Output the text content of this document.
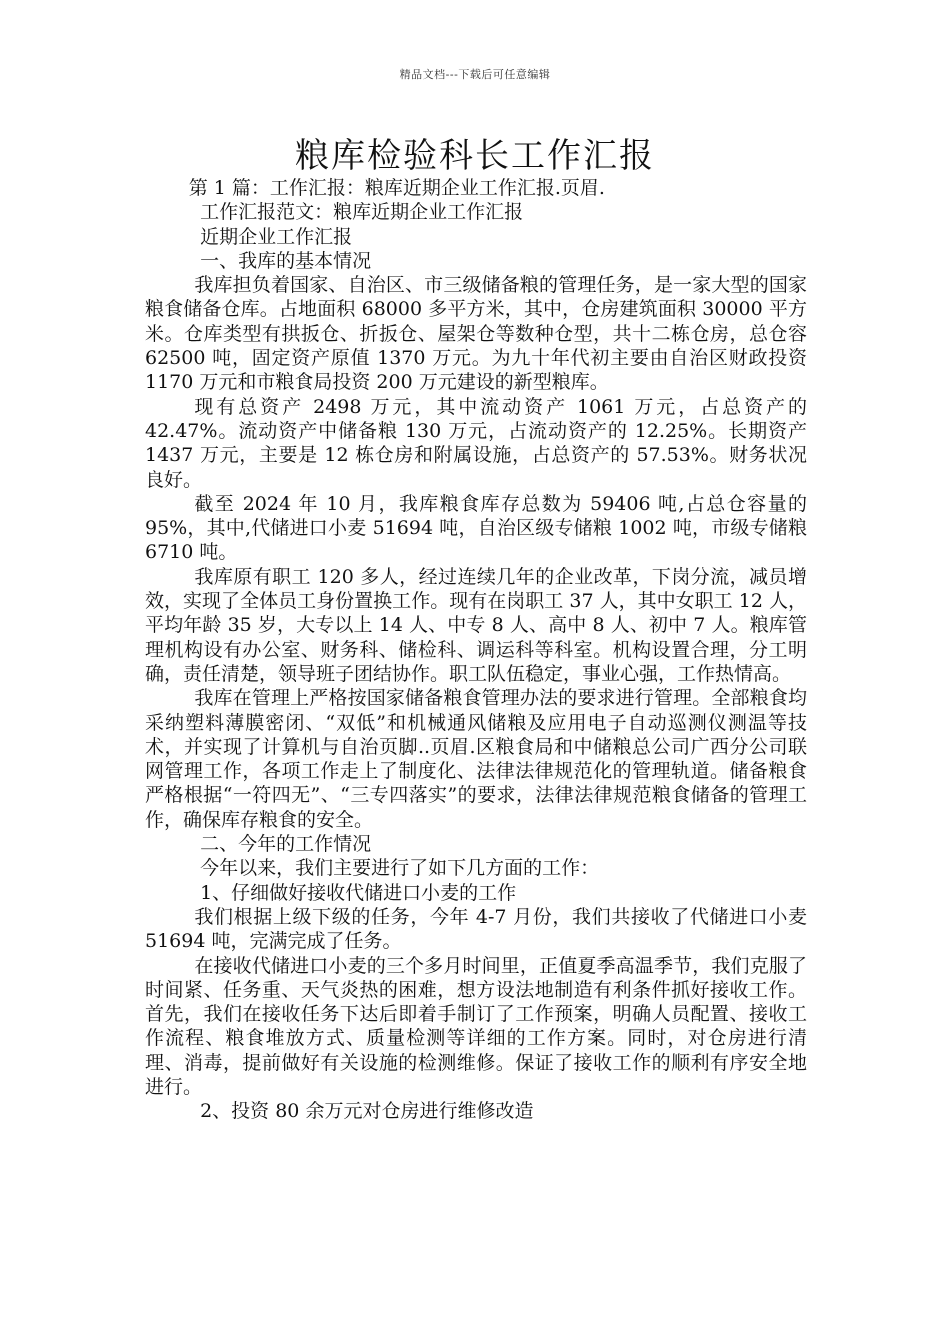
精品文档---下载后可任意编辑
粮库检验科长工作汇报

第 1 篇：工作汇报：粮库近期企业工作汇报.页眉.

工作汇报范文：粮库近期企业工作汇报

近期企业工作汇报

一、我库的基本情况

我库担负着国家、自治区、市三级储备粮的管理任务，是一家大型的国家粮食储备仓库。占地面积 68000 多平方米，其中，仓房建筑面积 30000 平方米。仓库类型有拱扳仓、折扳仓、屋架仓等数种仓型，共十二栋仓房，总仓容 62500 吨，固定资产原值 1370 万元。为九十年代初主要由自治区财政投资 1170 万元和市粮食局投资 200 万元建设的新型粮库。

现有总资产 2498 万元，其中流动资产 1061 万元，占总资产的 42.47%。流动资产中储备粮 130 万元，占流动资产的 12.25%。长期资产 1437 万元，主要是 12 栋仓房和附属设施，占总资产的 57.53%。财务状况良好。

截至 2024 年 10 月，我库粮食库存总数为 59406 吨,占总仓容量的 95%，其中,代储进口小麦 51694 吨，自治区级专储粮 1002 吨，市级专储粮 6710 吨。

我库原有职工 120 多人，经过连续几年的企业改革，下岗分流，减员增效，实现了全体员工身份置换工作。现有在岗职工 37 人，其中女职工 12 人，平均年龄 35 岁，大专以上 14 人、中专 8 人、高中 8 人、初中 7 人。粮库管理机构设有办公室、财务科、储检科、调运科等科室。机构设置合理，分工明确，责任清楚，领导班子团结协作。职工队伍稳定，事业心强，工作热情高。

我库在管理上严格按国家储备粮食管理办法的要求进行管理。全部粮食均采纳塑料薄膜密闭、“双低”和机械通风储粮及应用电子自动巡测仪测温等技术，并实现了计算机与自治页脚..页眉.区粮食局和中储粮总公司广西分公司联网管理工作，各项工作走上了制度化、法律法律规范化的管理轨道。储备粮食严格根据“一符四无”、“三专四落实”的要求，法律法律规范粮食储备的管理工作，确保库存粮食的安全。

二、今年的工作情况

今年以来，我们主要进行了如下几方面的工作：

1、仔细做好接收代储进口小麦的工作

我们根据上级下级的任务，今年 4-7 月份，我们共接收了代储进口小麦 51694 吨，完满完成了任务。

在接收代储进口小麦的三个多月时间里，正值夏季高温季节，我们克服了时间紧、任务重、天气炎热的困难，想方设法地制造有利条件抓好接收工作。首先，我们在接收任务下达后即着手制订了工作预案，明确人员配置、接收工作流程、粮食堆放方式、质量检测等详细的工作方案。同时，对仓房进行清理、消毒，提前做好有关设施的检测维修。保证了接收工作的顺利有序安全地进行。

2、投资 80 余万元对仓房进行维修改造
